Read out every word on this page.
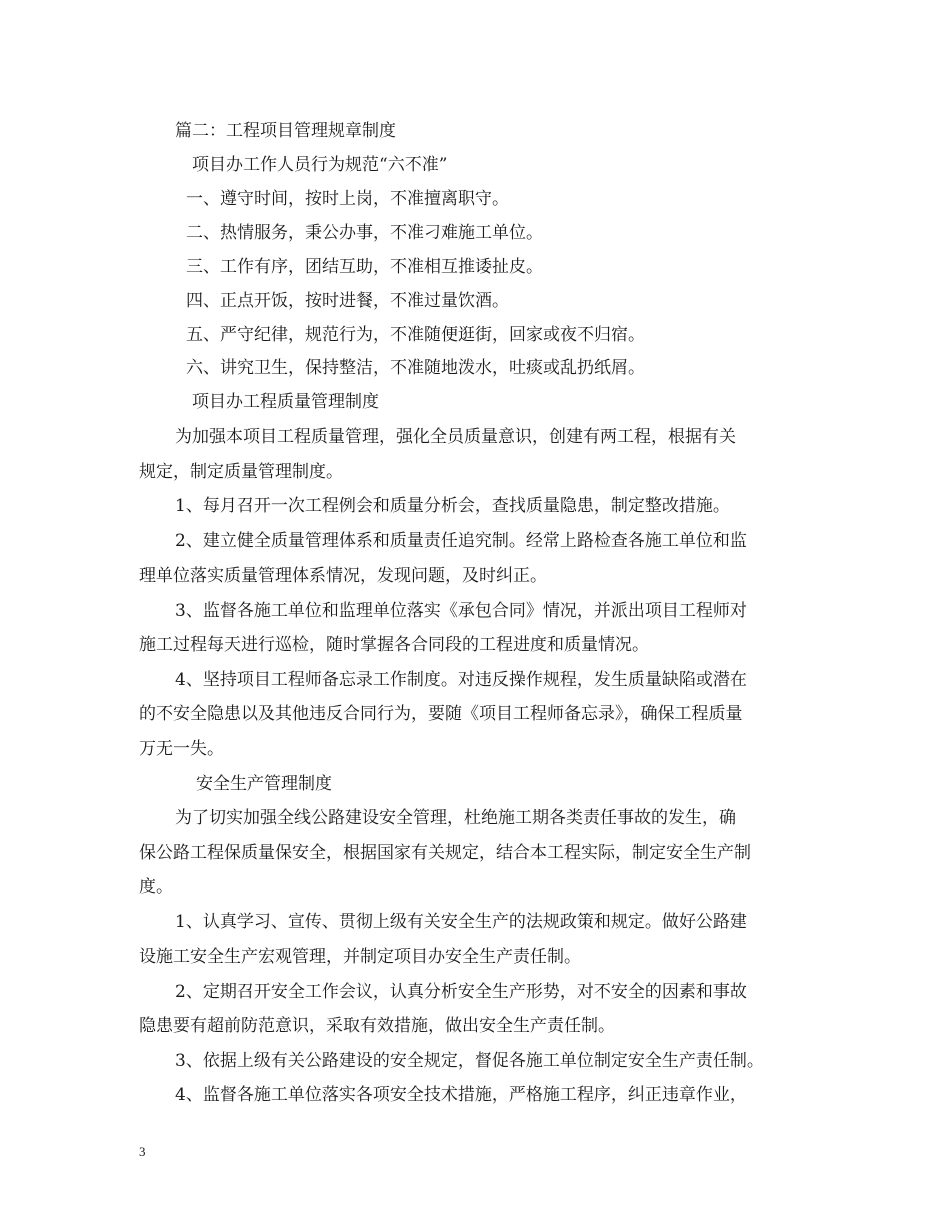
篇二：工程项目管理规章制度
项目办工作人员行为规范“六不准”
一、遵守时间，按时上岗，不准擅离职守。
二、热情服务，秉公办事，不准刁难施工单位。
三、工作有序，团结互助，不准相互推诿扯皮。
四、正点开饭，按时进餐，不准过量饮酒。
五、严守纪律，规范行为，不准随便逛街，回家或夜不归宿。
六、讲究卫生，保持整洁，不准随地泼水，吐痰或乱扔纸屑。
项目办工程质量管理制度
为加强本项目工程质量管理，强化全员质量意识，创建有两工程，根据有关
规定，制定质量管理制度。
1、每月召开一次工程例会和质量分析会，查找质量隐患，制定整改措施。
2、建立健全质量管理体系和质量责任追究制。经常上路检查各施工单位和监
理单位落实质量管理体系情况，发现问题，及时纠正。
3、监督各施工单位和监理单位落实《承包合同》情况，并派出项目工程师对
施工过程每天进行巡检，随时掌握各合同段的工程进度和质量情况。
4、坚持项目工程师备忘录工作制度。对违反操作规程，发生质量缺陷或潜在
的不安全隐患以及其他违反合同行为，要随《项目工程师备忘录》，确保工程质量
万无一失。
安全生产管理制度
为了切实加强全线公路建设安全管理，杜绝施工期各类责任事故的发生，确
保公路工程保质量保安全，根据国家有关规定，结合本工程实际，制定安全生产制
度。
1、认真学习、宣传、贯彻上级有关安全生产的法规政策和规定。做好公路建
设施工安全生产宏观管理，并制定项目办安全生产责任制。
2、定期召开安全工作会议，认真分析安全生产形势，对不安全的因素和事故
隐患要有超前防范意识，采取有效措施，做出安全生产责任制。
3、依据上级有关公路建设的安全规定，督促各施工单位制定安全生产责任制。
4、监督各施工单位落实各项安全技术措施，严格施工程序，纠正违章作业，
3
